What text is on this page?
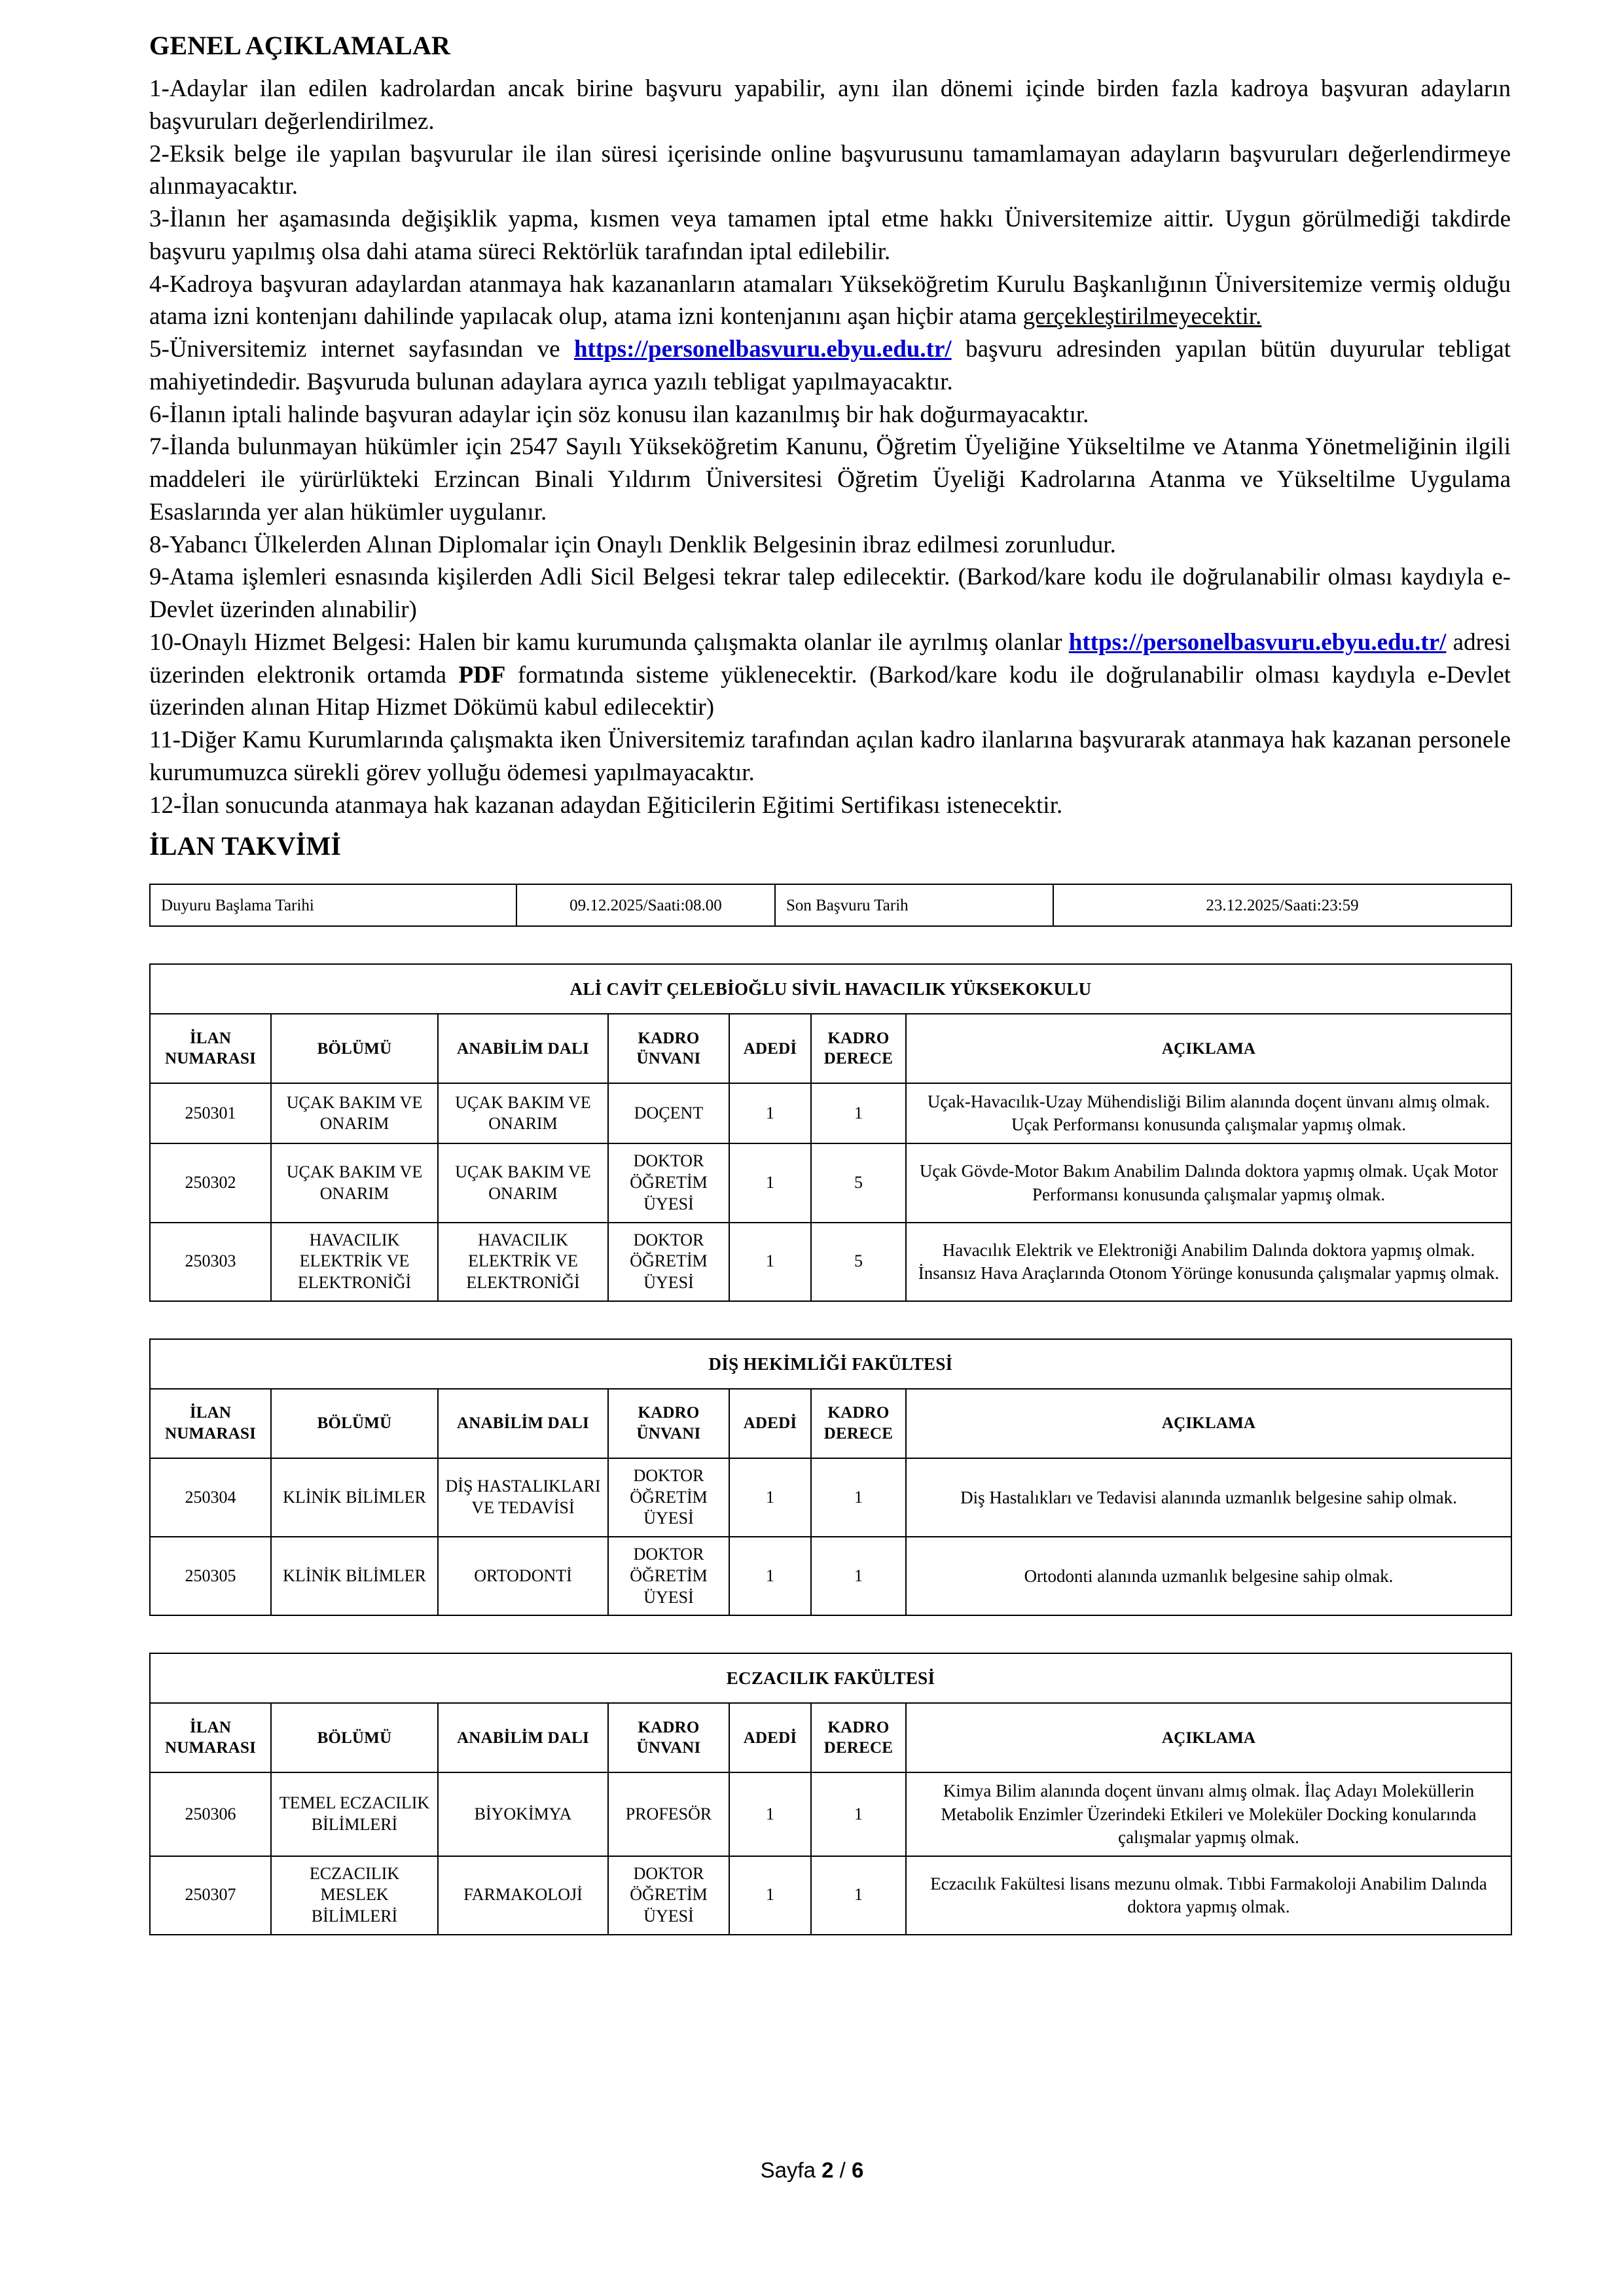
GENEL AÇIKLAMALAR

1-Adaylar ilan edilen kadrolardan ancak birine başvuru yapabilir, aynı ilan dönemi içinde birden fazla kadroya başvuran adayların başvuruları değerlendirilmez.

2-Eksik belge ile yapılan başvurular ile ilan süresi içerisinde online başvurusunu tamamlamayan adayların başvuruları değerlendirmeye alınmayacaktır.

3-İlanın her aşamasında değişiklik yapma, kısmen veya tamamen iptal etme hakkı Üniversitemize aittir. Uygun görülmediği takdirde başvuru yapılmış olsa dahi atama süreci Rektörlük tarafından iptal edilebilir.

4-Kadroya başvuran adaylardan atanmaya hak kazananların atamaları Yükseköğretim Kurulu Başkanlığının Üniversitemize vermiş olduğu atama izni kontenjanı dahilinde yapılacak olup, atama izni kontenjanını aşan hiçbir atama gerçekleştirilmeyecektir.

5-Üniversitemiz internet sayfasından ve https://personelbasvuru.ebyu.edu.tr/ başvuru adresinden yapılan bütün duyurular tebligat mahiyetindedir. Başvuruda bulunan adaylara ayrıca yazılı tebligat yapılmayacaktır.

6-İlanın iptali halinde başvuran adaylar için söz konusu ilan kazanılmış bir hak doğurmayacaktır.

7-İlanda bulunmayan hükümler için 2547 Sayılı Yükseköğretim Kanunu, Öğretim Üyeliğine Yükseltilme ve Atanma Yönetmeliğinin ilgili maddeleri ile yürürlükteki Erzincan Binali Yıldırım Üniversitesi Öğretim Üyeliği Kadrolarına Atanma ve Yükseltilme Uygulama Esaslarında yer alan hükümler uygulanır.

8-Yabancı Ülkelerden Alınan Diplomalar için Onaylı Denklik Belgesinin ibraz edilmesi zorunludur.

9-Atama işlemleri esnasında kişilerden Adli Sicil Belgesi tekrar talep edilecektir. (Barkod/kare kodu ile doğrulanabilir olması kaydıyla e-Devlet üzerinden alınabilir)

10-Onaylı Hizmet Belgesi: Halen bir kamu kurumunda çalışmakta olanlar ile ayrılmış olanlar https://personelbasvuru.ebyu.edu.tr/ adresi üzerinden elektronik ortamda PDF formatında sisteme yüklenecektir. (Barkod/kare kodu ile doğrulanabilir olması kaydıyla e-Devlet üzerinden alınan Hitap Hizmet Dökümü kabul edilecektir)

11-Diğer Kamu Kurumlarında çalışmakta iken Üniversitemiz tarafından açılan kadro ilanlarına başvurarak atanmaya hak kazanan personele kurumumuzca sürekli görev yolluğu ödemesi yapılmayacaktır.

12-İlan sonucunda atanmaya hak kazanan adaydan Eğiticilerin Eğitimi Sertifikası istenecektir.

İLAN TAKVİMİ
Duyuru Başlama Tarihi	09.12.2025/Saati:08.00	Son Başvuru Tarih	23.12.2025/Saati:23:59
ALİ CAVİT ÇELEBİOĞLU SİVİL HAVACILIK YÜKSEKOKULU						
İLAN NUMARASI	BÖLÜMÜ	ANABİLİM DALI	KADRO ÜNVANI	ADEDİ	KADRO DERECE	AÇIKLAMA
250301	UÇAK BAKIM VE ONARIM	UÇAK BAKIM VE ONARIM	DOÇENT	1	1	Uçak-Havacılık-Uzay Mühendisliği Bilim alanında doçent ünvanı almış olmak. Uçak Performansı konusunda çalışmalar yapmış olmak.
250302	UÇAK BAKIM VE ONARIM	UÇAK BAKIM VE ONARIM	DOKTOR ÖĞRETİM ÜYESİ	1	5	Uçak Gövde-Motor Bakım Anabilim Dalında doktora yapmış olmak. Uçak Motor Performansı konusunda çalışmalar yapmış olmak.
250303	HAVACILIK ELEKTRİK VE ELEKTRONİĞİ	HAVACILIK ELEKTRİK VE ELEKTRONİĞİ	DOKTOR ÖĞRETİM ÜYESİ	1	5	Havacılık Elektrik ve Elektroniği Anabilim Dalında doktora yapmış olmak. İnsansız Hava Araçlarında Otonom Yörünge konusunda çalışmalar yapmış olmak.
DİŞ HEKİMLİĞİ FAKÜLTESİ						
İLAN NUMARASI	BÖLÜMÜ	ANABİLİM DALI	KADRO ÜNVANI	ADEDİ	KADRO DERECE	AÇIKLAMA
250304	KLİNİK BİLİMLER	DİŞ HASTALIKLARI VE TEDAVİSİ	DOKTOR ÖĞRETİM ÜYESİ	1	1	Diş Hastalıkları ve Tedavisi alanında uzmanlık belgesine sahip olmak.
250305	KLİNİK BİLİMLER	ORTODONTİ	DOKTOR ÖĞRETİM ÜYESİ	1	1	Ortodonti alanında uzmanlık belgesine sahip olmak.
ECZACILIK FAKÜLTESİ						
İLAN NUMARASI	BÖLÜMÜ	ANABİLİM DALI	KADRO ÜNVANI	ADEDİ	KADRO DERECE	AÇIKLAMA
250306	TEMEL ECZACILIK BİLİMLERİ	BİYOKİMYA	PROFESÖR	1	1	Kimya Bilim alanında doçent ünvanı almış olmak. İlaç Adayı Moleküllerin Metabolik Enzimler Üzerindeki Etkileri ve Moleküler Docking konularında çalışmalar yapmış olmak.
250307	ECZACILIK MESLEK BİLİMLERİ	FARMAKOLOJİ	DOKTOR ÖĞRETİM ÜYESİ	1	1	Eczacılık Fakültesi lisans mezunu olmak. Tıbbi Farmakoloji Anabilim Dalında doktora yapmış olmak.
Sayfa 2 / 6
